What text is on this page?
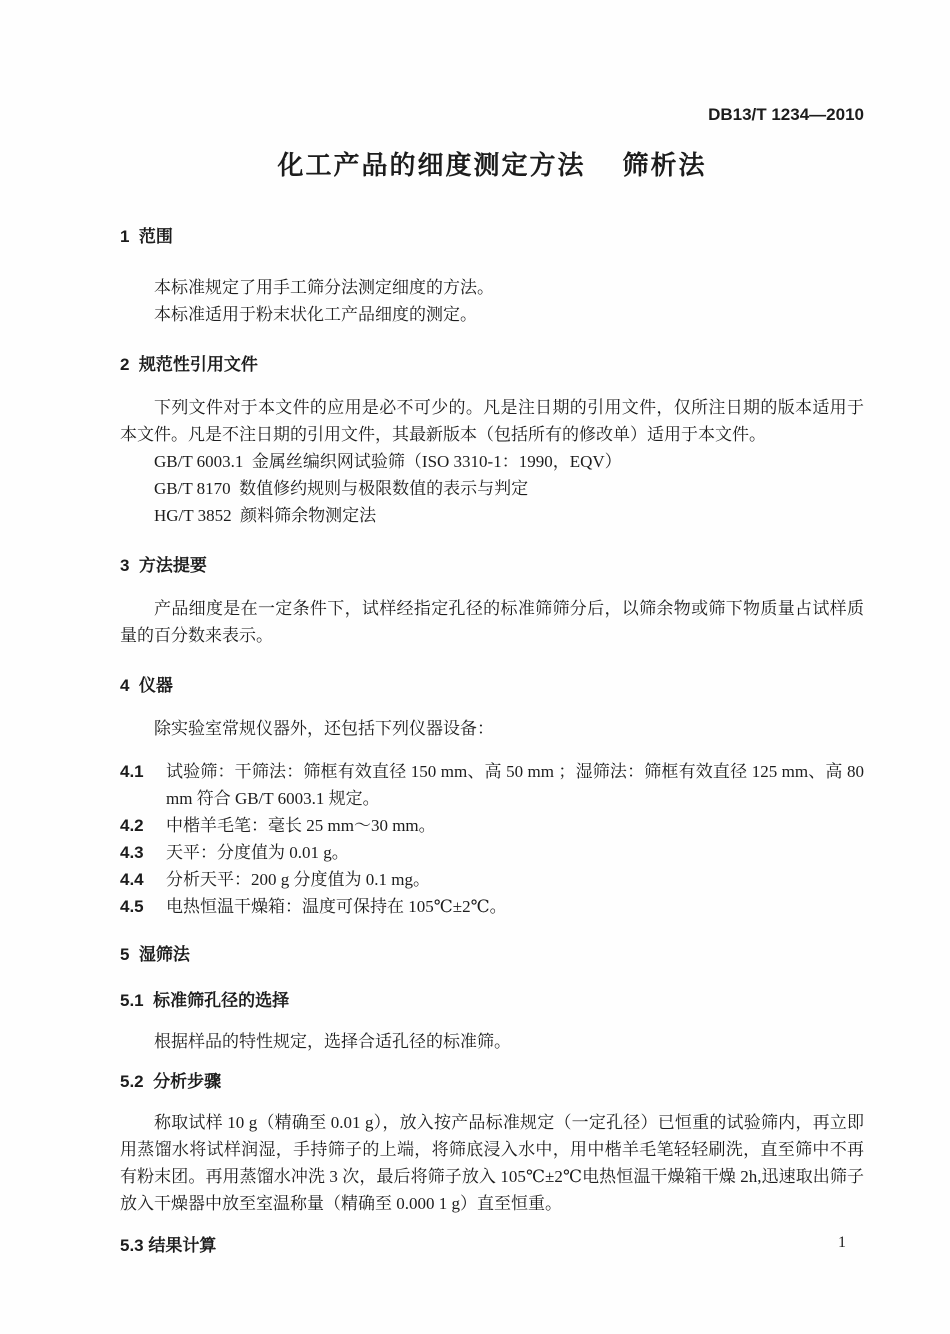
DB13/T 1234—2010
化工产品的细度测定方法    筛析法
1  范围

本标准规定了用手工筛分法测定细度的方法。

本标准适用于粉末状化工产品细度的测定。

2  规范性引用文件

下列文件对于本文件的应用是必不可少的。凡是注日期的引用文件，仅所注日期的版本适用于本文件。凡是不注日期的引用文件，其最新版本（包括所有的修改单）适用于本文件。

GB/T 6003.1  金属丝编织网试验筛（ISO 3310-1：1990，EQV）

GB/T 8170  数值修约规则与极限数值的表示与判定

HG/T 3852  颜料筛余物测定法

3  方法提要

产品细度是在一定条件下，试样经指定孔径的标准筛筛分后，以筛余物或筛下物质量占试样质量的百分数来表示。

4  仪器

除实验室常规仪器外，还包括下列仪器设备：

4.1	试验筛：干筛法：筛框有效直径 150 mm、高 50 mm ；湿筛法：筛框有效直径 125 mm、高 80 mm 符合 GB/T 6003.1 规定。
4.2	中楷羊毛笔：毫长 25 mm～30 mm。
4.3	天平：分度值为 0.01 g。
4.4	分析天平：200 g 分度值为 0.1 mg。
4.5	电热恒温干燥箱：温度可保持在 105℃±2℃。
5  湿筛法
5.1  标准筛孔径的选择

根据样品的特性规定，选择合适孔径的标准筛。

5.2  分析步骤

称取试样 10 g（精确至 0.01 g），放入按产品标准规定（一定孔径）已恒重的试验筛内，再立即用蒸馏水将试样润湿，手持筛子的上端，将筛底浸入水中，用中楷羊毛笔轻轻刷洗，直至筛中不再有粉末团。再用蒸馏水冲洗 3 次，最后将筛子放入 105℃±2℃电热恒温干燥箱干燥 2h,迅速取出筛子放入干燥器中放至室温称量（精确至 0.000 1 g）直至恒重。

5.3 结果计算	1
